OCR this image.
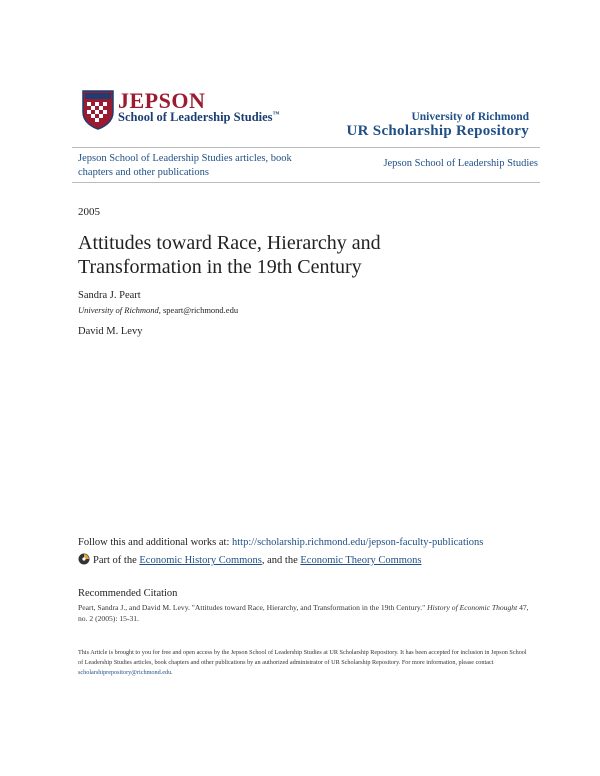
JEPSON
School of Leadership Studies™	University of Richmond
UR Scholarship Repository
Jepson School of Leadership Studies articles, book chapters and other publications
Jepson School of Leadership Studies
2005
Attitudes toward Race, Hierarchy and Transformation in the 19th Century
Sandra J. Peart
University of Richmond, speart@richmond.edu
David M. Levy
Follow this and additional works at: http://scholarship.richmond.edu/jepson-faculty-publications
Part of the Economic History Commons, and the Economic Theory Commons
Recommended Citation
Peart, Sandra J., and David M. Levy. "Attitudes toward Race, Hierarchy, and Transformation in the 19th Century." History of Economic Thought 47, no. 2 (2005): 15-31.
This Article is brought to you for free and open access by the Jepson School of Leadership Studies at UR Scholarship Repository. It has been accepted for inclusion in Jepson School of Leadership Studies articles, book chapters and other publications by an authorized administrator of UR Scholarship Repository. For more information, please contact scholarshiprepository@richmond.edu.
